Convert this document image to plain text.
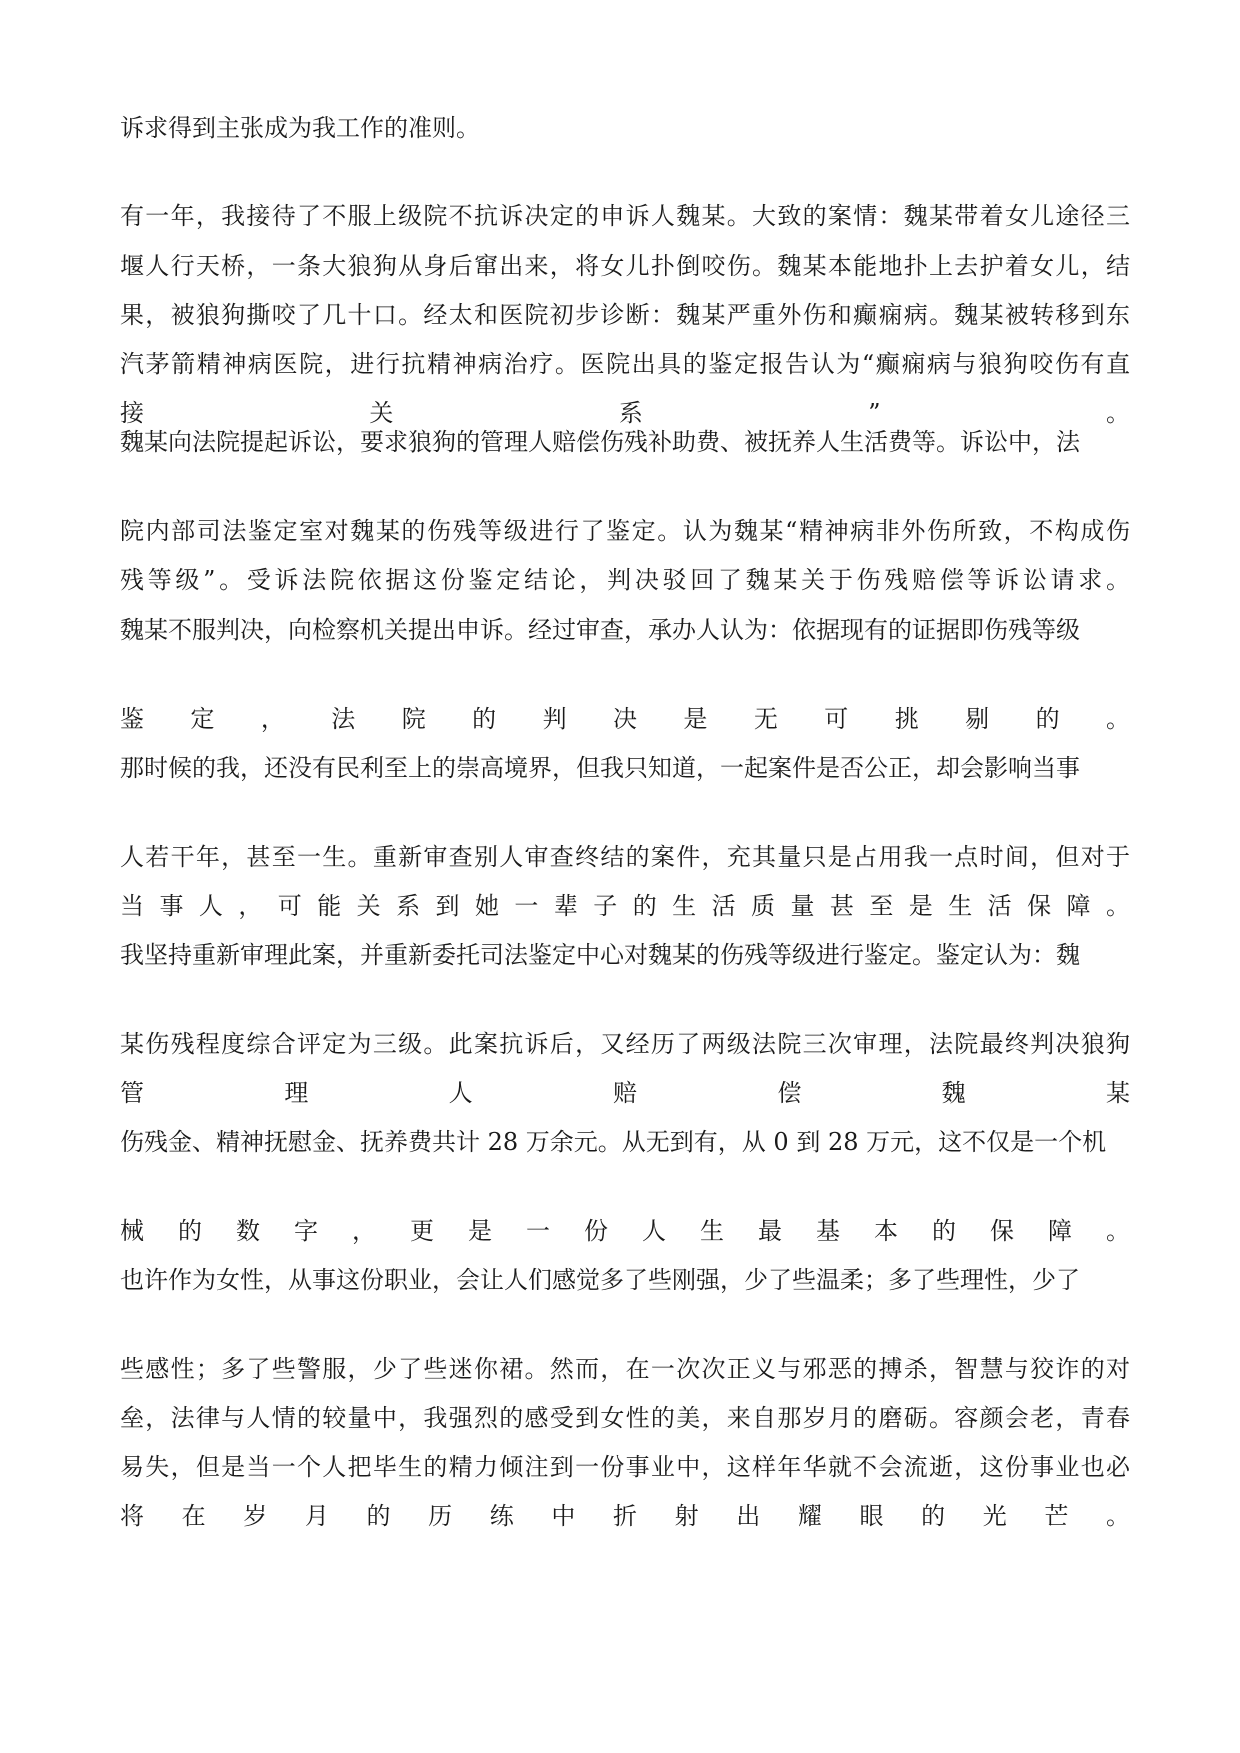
诉求得到主张成为我工作的准则。

有一年，我接待了不服上级院不抗诉决定的申诉人魏某。大致的案情：魏某带着女儿途径三

堰人行天桥，一条大狼狗从身后窜出来，将女儿扑倒咬伤。魏某本能地扑上去护着女儿，结

果，被狼狗撕咬了几十口。经太和医院初步诊断：魏某严重外伤和癫痫病。魏某被转移到东

汽茅箭精神病医院，进行抗精神病治疗。医院出具的鉴定报告认为“癫痫病与狼狗咬伤有直

接关系”。

魏某向法院提起诉讼，要求狼狗的管理人赔偿伤残补助费、被抚养人生活费等。诉讼中，法

院内部司法鉴定室对魏某的伤残等级进行了鉴定。认为魏某“精神病非外伤所致，不构成伤

残等级”。受诉法院依据这份鉴定结论，判决驳回了魏某关于伤残赔偿等诉讼请求。

魏某不服判决，向检察机关提出申诉。经过审查，承办人认为：依据现有的证据即伤残等级

鉴定，法院的判决是无可挑剔的。

那时候的我，还没有民利至上的崇高境界，但我只知道，一起案件是否公正，却会影响当事

人若干年，甚至一生。重新审查别人审查终结的案件，充其量只是占用我一点时间，但对于

当事人，可能关系到她一辈子的生活质量甚至是生活保障。

我坚持重新审理此案，并重新委托司法鉴定中心对魏某的伤残等级进行鉴定。鉴定认为：魏

某伤残程度综合评定为三级。此案抗诉后，又经历了两级法院三次审理，法院最终判决狼狗

管理人赔偿魏某

伤残金、精神抚慰金、抚养费共计 28 万余元。从无到有，从 0 到 28 万元，这不仅是一个机

械的数字，更是一份人生最基本的保障。

也许作为女性，从事这份职业，会让人们感觉多了些刚强，少了些温柔；多了些理性，少了

些感性；多了些警服，少了些迷你裙。然而，在一次次正义与邪恶的搏杀，智慧与狡诈的对

垒，法律与人情的较量中，我强烈的感受到女性的美，来自那岁月的磨砺。容颜会老，青春

易失，但是当一个人把毕生的精力倾注到一份事业中，这样年华就不会流逝，这份事业也必

将在岁月的历练中折射出耀眼的光芒。
